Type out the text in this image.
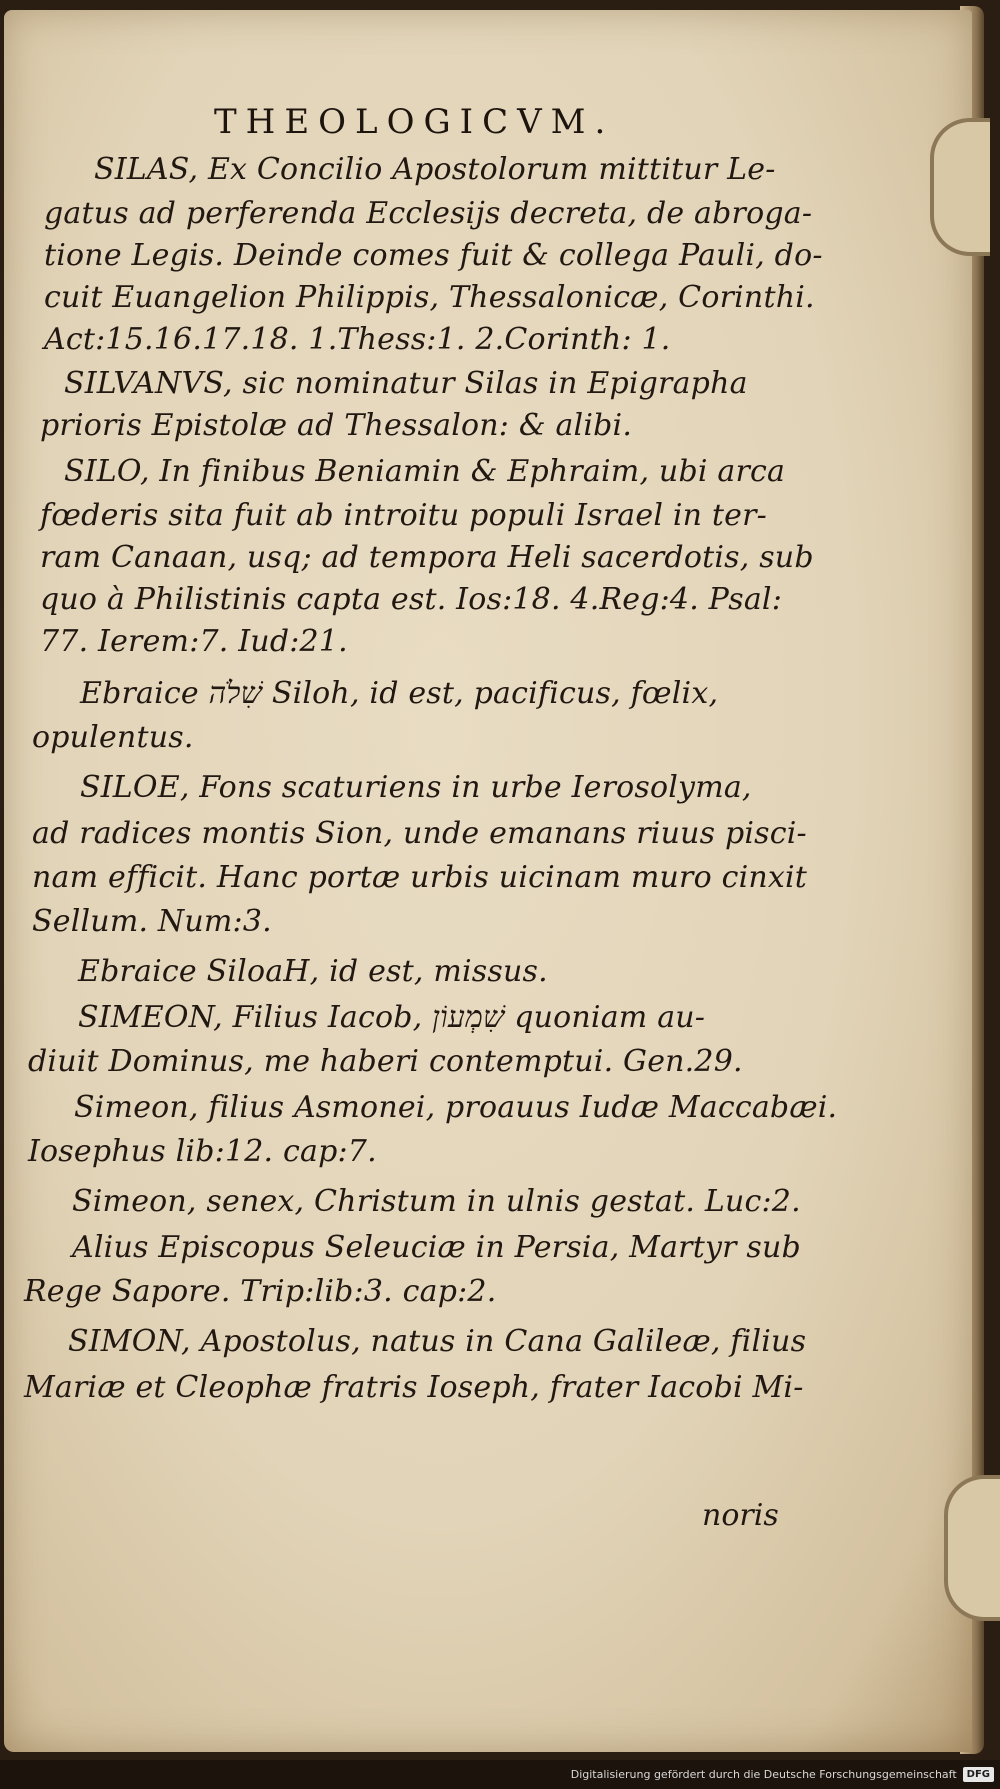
THEOLOGICVM.
SILAS, Ex Concilio Apostolorum mittitur Le-
gatus ad perferenda Ecclesijs decreta, de abroga-
tione Legis. Deinde comes fuit & collega Pauli, do-
cuit Euangelion Philippis, Thessalonicæ, Corinthi.
Act:15.16.17.18. 1.Thess:1. 2.Corinth: 1.
SILVANVS, sic nominatur Silas in Epigrapha
prioris Epistolæ ad Thessalon: & alibi.
SILO, In finibus Beniamin & Ephraim, ubi arca
fœderis sita fuit ab introitu populi Israel in ter-
ram Canaan, usq; ad tempora Heli sacerdotis, sub
quo à Philistinis capta est. Ios:18. 4.Reg:4. Psal:
77. Ierem:7. Iud:21.
Ebraice שִׁלֹה Siloh, id est, pacificus, fœlix,
opulentus.
SILOE, Fons scaturiens in urbe Ierosolyma,
ad radices montis Sion, unde emanans riuus pisci-
nam efficit. Hanc portæ urbis uicinam muro cinxit
Sellum. Num:3.
Ebraice SiloaH, id est, missus.
SIMEON, Filius Iacob, שִׁמְעוֹן quoniam au-
diuit Dominus, me haberi contemptui. Gen.29.
Simeon, filius Asmonei, proauus Iudæ Maccabæi.
Iosephus lib:12. cap:7.
Simeon, senex, Christum in ulnis gestat. Luc:2.
Alius Episcopus Seleuciæ in Persia, Martyr sub
Rege Sapore. Trip:lib:3. cap:2.
SIMON, Apostolus, natus in Cana Galileæ, filius
Mariæ et Cleophæ fratris Ioseph, frater Iacobi Mi-
noris
Digitalisierung gefördert durch die Deutsche Forschungsgemeinschaft	DFG
